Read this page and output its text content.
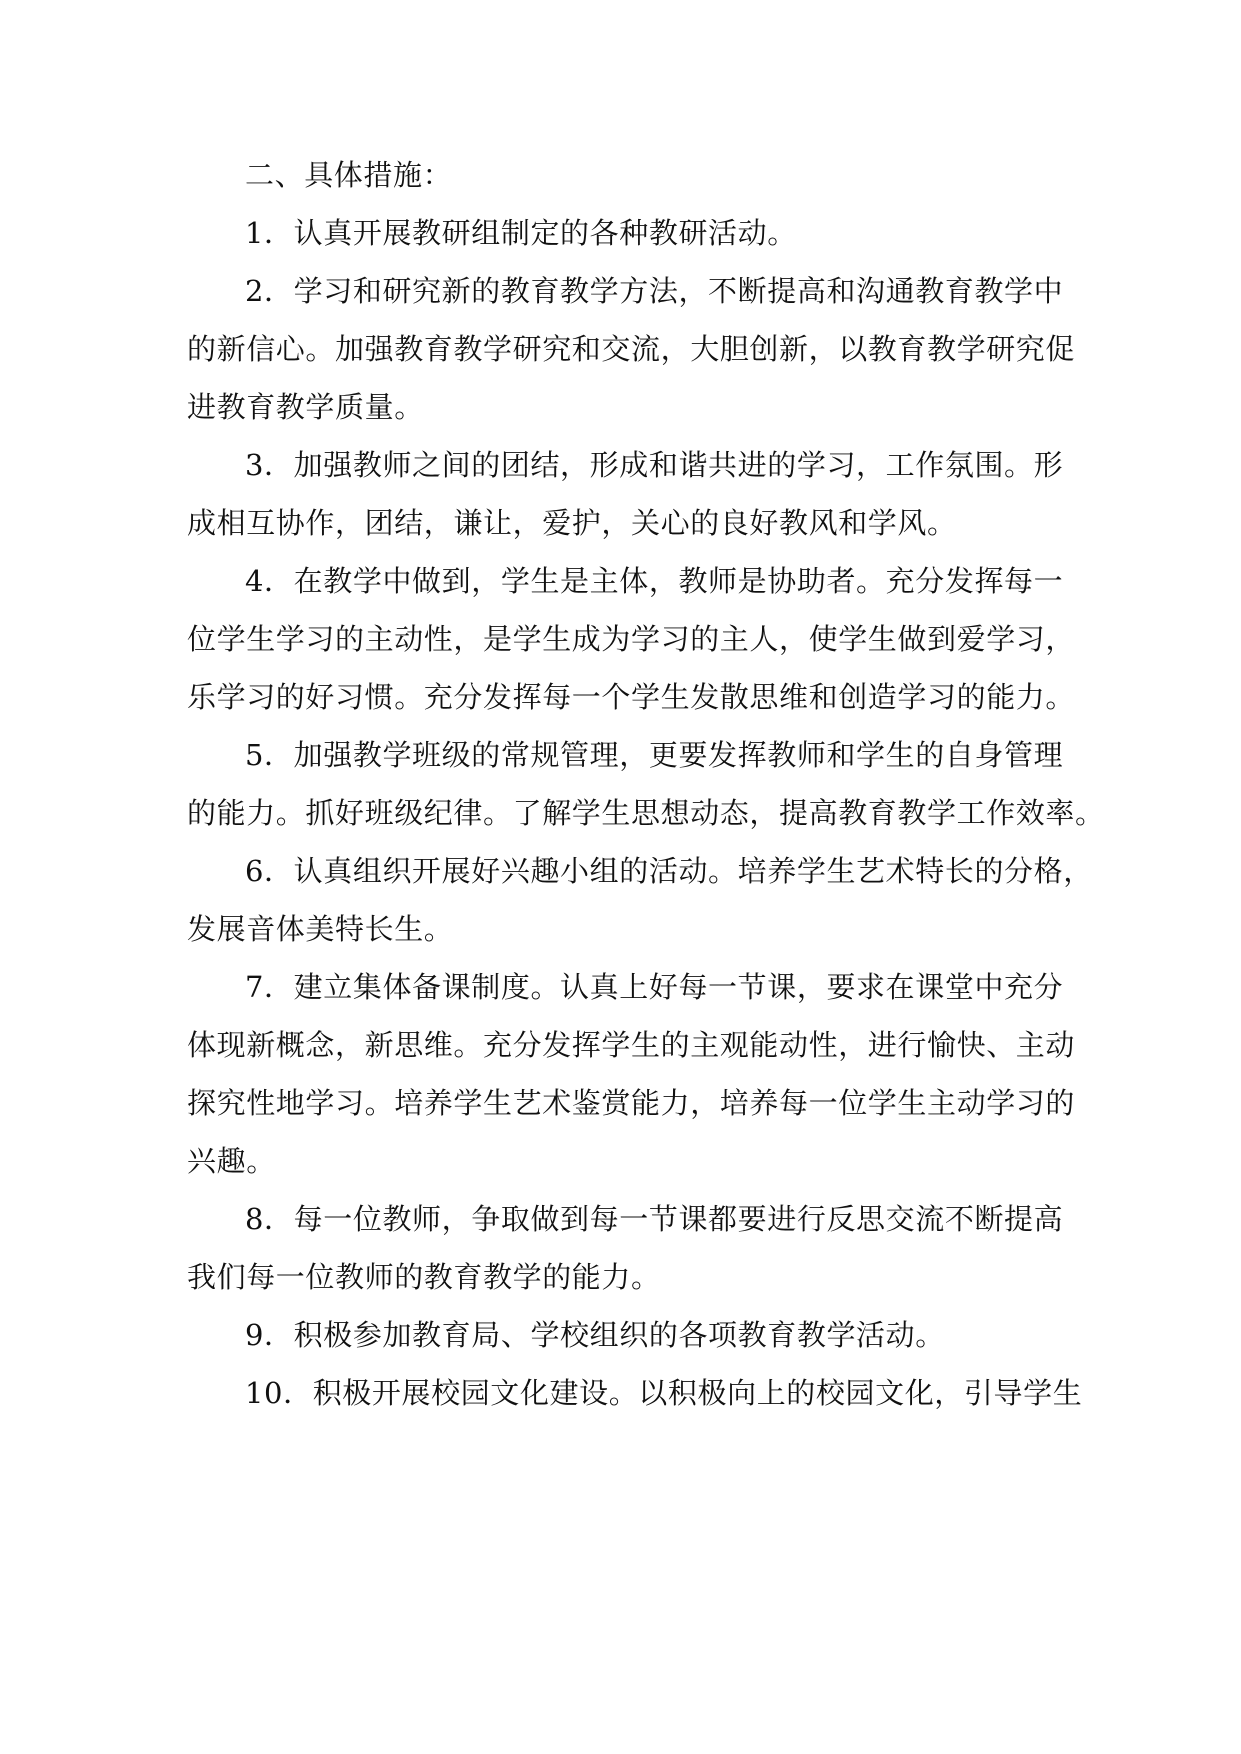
二、具体措施：
1．认真开展教研组制定的各种教研活动。
2．学习和研究新的教育教学方法，不断提高和沟通教育教学中
的新信心。加强教育教学研究和交流，大胆创新，以教育教学研究促
进教育教学质量。
3．加强教师之间的团结，形成和谐共进的学习，工作氛围。形
成相互协作，团结，谦让，爱护，关心的良好教风和学风。
4．在教学中做到，学生是主体，教师是协助者。充分发挥每一
位学生学习的主动性，是学生成为学习的主人，使学生做到爱学习，
乐学习的好习惯。充分发挥每一个学生发散思维和创造学习的能力。
5．加强教学班级的常规管理，更要发挥教师和学生的自身管理
的能力。抓好班级纪律。了解学生思想动态，提高教育教学工作效率。
6．认真组织开展好兴趣小组的活动。培养学生艺术特长的分格，
发展音体美特长生。
7．建立集体备课制度。认真上好每一节课，要求在课堂中充分
体现新概念，新思维。充分发挥学生的主观能动性，进行愉快、主动
探究性地学习。培养学生艺术鉴赏能力，培养每一位学生主动学习的
兴趣。
8．每一位教师，争取做到每一节课都要进行反思交流不断提高
我们每一位教师的教育教学的能力。
9．积极参加教育局、学校组织的各项教育教学活动。
10．积极开展校园文化建设。以积极向上的校园文化，引导学生
